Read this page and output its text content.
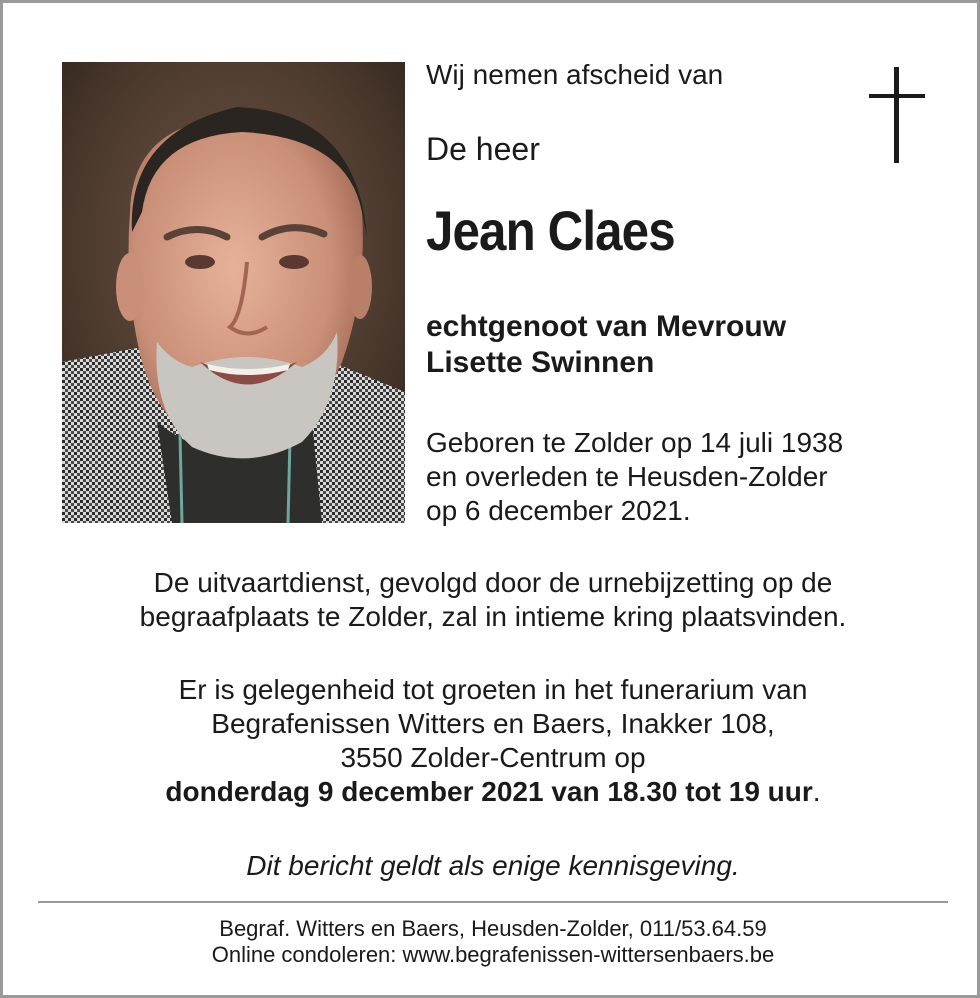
Wij nemen afscheid van
De heer
Jean Claes
echtgenoot van Mevrouw
Lisette Swinnen
Geboren te Zolder op 14 juli 1938
en overleden te Heusden-Zolder
op 6 december 2021.
De uitvaartdienst, gevolgd door de urnebijzetting op de
begraafplaats te Zolder, zal in intieme kring plaatsvinden.
Er is gelegenheid tot groeten in het funerarium van
Begrafenissen Witters en Baers, Inakker 108,
3550 Zolder-Centrum op
donderdag 9 december 2021 van 18.30 tot 19 uur.
Dit bericht geldt als enige kennisgeving.
Begraf. Witters en Baers, Heusden-Zolder, 011/53.64.59
Online condoleren: www.begrafenissen-wittersenbaers.be
